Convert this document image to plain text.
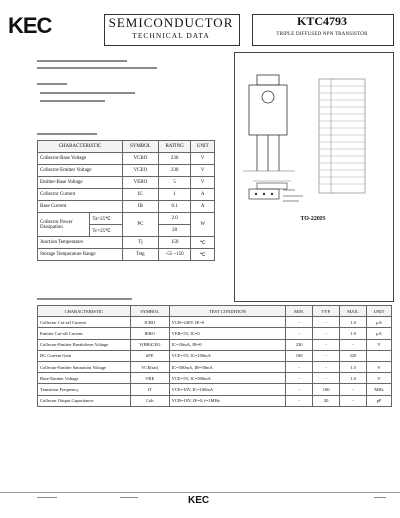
KEC	SEMICONDUCTOR
TECHNICAL DATA
KTC4793
TRIPLE DIFFUSED NPN TRANSISTOR
CHARACTERISTIC		SYMBOL	RATING	UNIT
Collector-Base Voltage		VCBO	230	V
Collector-Emitter Voltage		VCEO	230	V
Emitter-Base Voltage		VEBO	5	V
Collector Current		IC	1	A
Base Current		IB	0.1	A
Collector Power
Dissipation	Ta=25℃	PC	2.0	W
	Tc=25℃		20	
Junction Temperature		Tj	150	℃
Storage Temperature Range		Tstg	-55 ~150	℃
TO-220IS
CHARACTERISTIC	SYMBOL	TEST CONDITION	MIN.	TYP.	MAX.	UNIT
Collector Cut-off Current	ICBO	VCB=230V, IE=0	-	-	1.0	μA
Emitter Cut-off Current	IEBO	VEB=5V, IC=0	-	-	1.0	μA
Collector-Emitter Breakdown Voltage	V(BR)CEO	IC=10mA, IB=0	230	-	-	V
DC Current Gain	hFE	VCE=5V, IC=100mA	100	-	320	
Collector-Emitter Saturation Voltage	VCE(sat)	IC=500mA, IB=50mA	-	-	1.5	V
Base-Emitter Voltage	VBE	VCE=5V, IC=500mA	-	-	1.0	V
Transition Frequency	fT	VCE=10V, IC=100mA	-	100	-	MHz
Collector Output Capacitance	Cob	VCB=10V, IE=0, f=1MHz	-	20	-	pF
KEC
